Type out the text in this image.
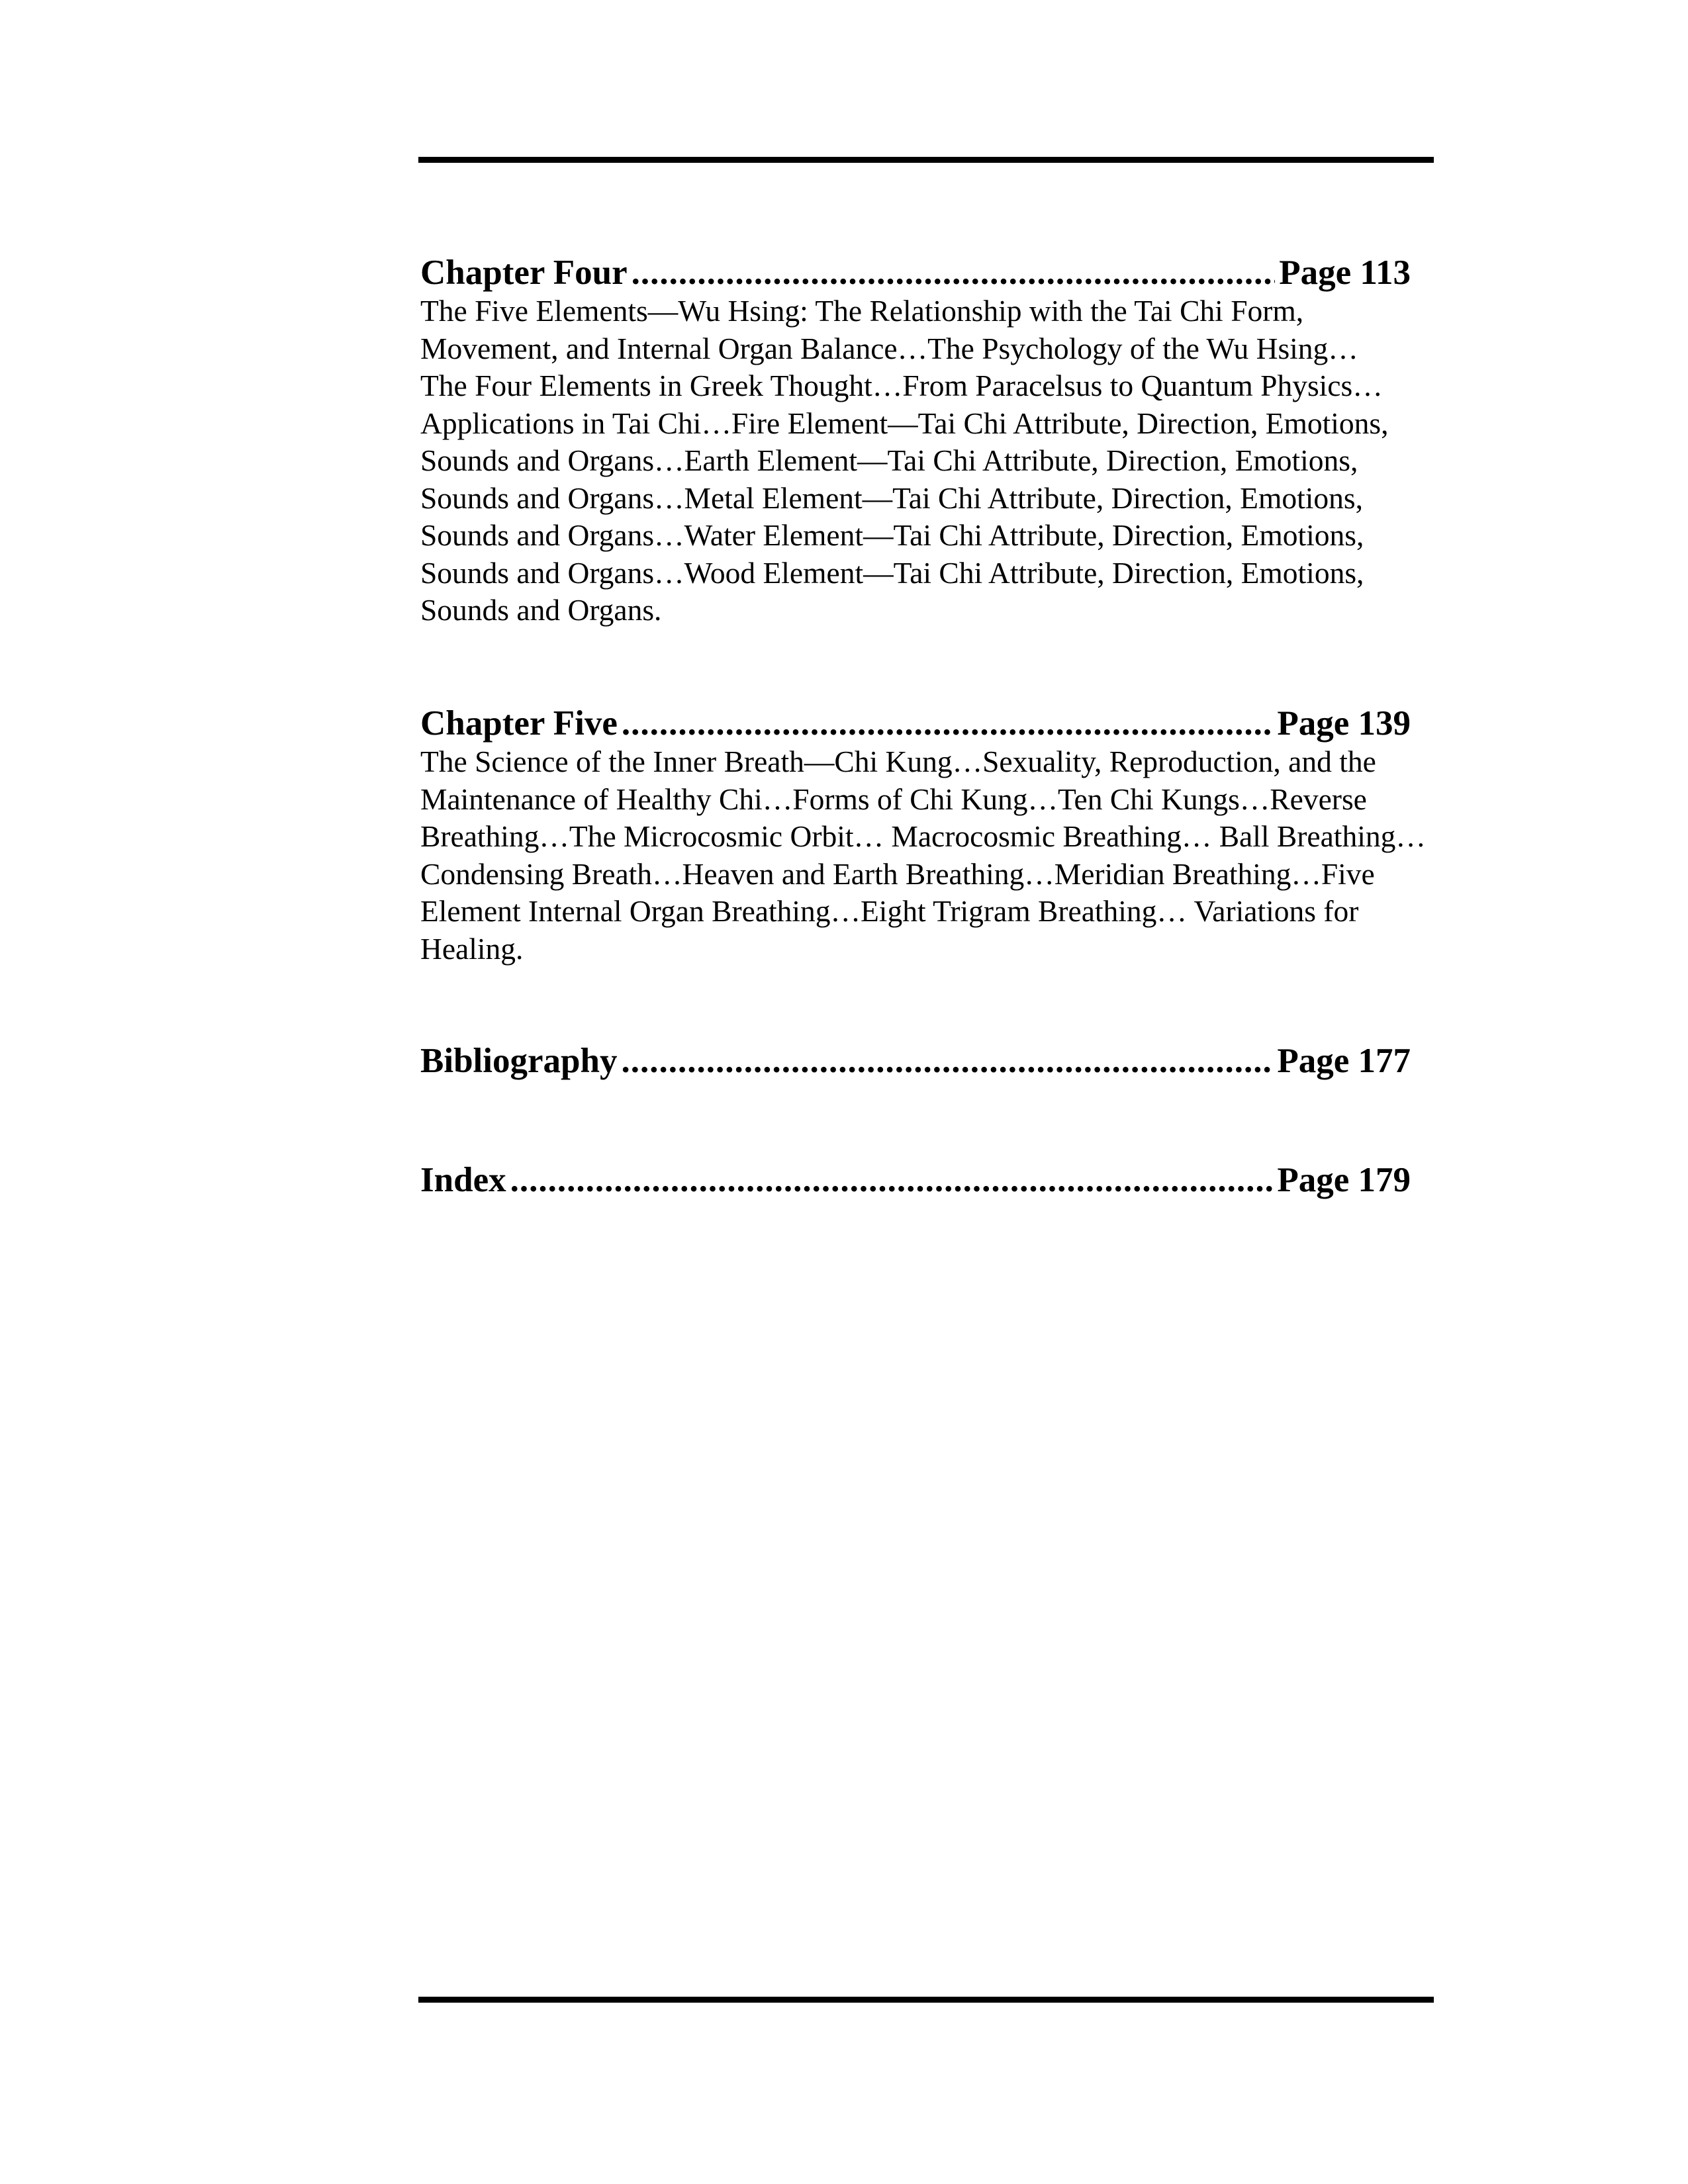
Chapter Four .....	Page 113

The Five Elements—Wu Hsing: The Relationship with the Tai Chi Form,
Movement, and Internal Organ Balance…The Psychology of the Wu Hsing…
The Four Elements in Greek Thought…From Paracelsus to Quantum Physics…
Applications in Tai Chi…Fire Element—Tai Chi Attribute, Direction, Emotions,
Sounds and Organs…Earth Element—Tai Chi Attribute, Direction, Emotions,
Sounds and Organs…Metal Element—Tai Chi Attribute, Direction, Emotions,
Sounds and Organs…Water Element—Tai Chi Attribute, Direction, Emotions,
Sounds and Organs…Wood Element—Tai Chi Attribute, Direction, Emotions,
Sounds and Organs.

Chapter Five .....	Page 139

The Science of the Inner Breath—Chi Kung…Sexuality, Reproduction, and the
Maintenance of Healthy Chi…Forms of Chi Kung…Ten Chi Kungs…Reverse
Breathing…The Microcosmic Orbit… Macrocosmic Breathing… Ball Breathing…
Condensing Breath…Heaven and Earth Breathing…Meridian Breathing…Five
Element Internal Organ Breathing…Eight Trigram Breathing… Variations for
Healing.

Bibliography .....	Page 177
Index .....	Page 179
